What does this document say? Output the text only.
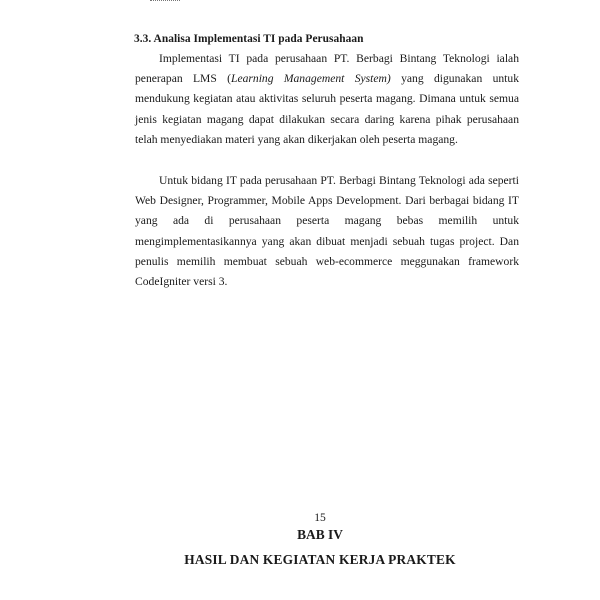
3.3. Analisa Implementasi TI pada Perusahaan

Implementasi TI pada perusahaan PT. Berbagi Bintang Teknologi ialah penerapan LMS (Learning Management System) yang digunakan untuk mendukung kegiatan atau aktivitas seluruh peserta magang. Dimana untuk semua jenis kegiatan magang dapat dilakukan secara daring karena pihak perusahaan telah menyediakan materi yang akan dikerjakan oleh peserta magang.

Untuk bidang IT pada perusahaan PT. Berbagi Bintang Teknologi ada seperti Web Designer, Programmer, Mobile Apps Development. Dari berbagai bidang IT yang ada di perusahaan peserta magang bebas memilih untuk mengimplementasikannya yang akan dibuat menjadi sebuah tugas project. Dan penulis memilih membuat sebuah web-ecommerce meggunakan framework CodeIgniter versi 3.

15
BAB IV
HASIL DAN KEGIATAN KERJA PRAKTEK
